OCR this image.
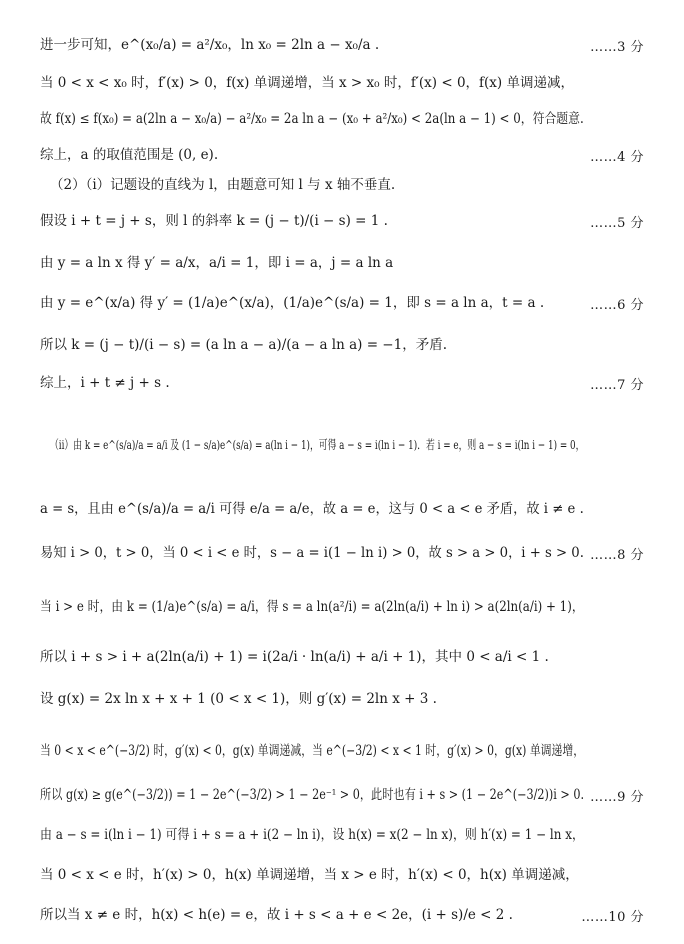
进一步可知，e^(x₀/a) = a²/x₀，ln x₀ = 2ln a − x₀/a .	……3 分
当 0 < x < x₀ 时，f′(x) > 0，f(x) 单调递增，当 x > x₀ 时，f′(x) < 0，f(x) 单调递减，
故 f(x) ≤ f(x₀) = a(2ln a − x₀/a) − a²/x₀ = 2a ln a − (x₀ + a²/x₀) < 2a(ln a − 1) < 0，符合题意.
综上，a 的取值范围是 (0, e).	……4 分
（2）（i）记题设的直线为 l，由题意可知 l 与 x 轴不垂直.
假设 i + t = j + s，则 l 的斜率 k = (j − t)/(i − s) = 1 .	……5 分
由 y = a ln x 得 y′ = a/x，a/i = 1，即 i = a，j = a ln a
由 y = e^(x/a) 得 y′ = (1/a)e^(x/a)，(1/a)e^(s/a) = 1，即 s = a ln a，t = a .	……6 分
所以 k = (j − t)/(i − s) = (a ln a − a)/(a − a ln a) = −1，矛盾.
综上，i + t ≠ j + s .	……7 分
（ii）由 k = e^(s/a)/a = a/i 及 (1 − s/a)e^(s/a) = a(ln i − 1)，可得 a − s = i(ln i − 1)．若 i = e，则 a − s = i(ln i − 1) = 0，
a = s，且由 e^(s/a)/a = a/i 可得 e/a = a/e，故 a = e，这与 0 < a < e 矛盾，故 i ≠ e .
易知 i > 0，t > 0，当 0 < i < e 时，s − a = i(1 − ln i) > 0，故 s > a > 0，i + s > 0. ……8 分
当 i > e 时，由 k = (1/a)e^(s/a) = a/i，得 s = a ln(a²/i) = a(2ln(a/i) + ln i) > a(2ln(a/i) + 1)，
所以 i + s > i + a(2ln(a/i) + 1) = i(2a/i · ln(a/i) + a/i + 1)，其中 0 < a/i < 1 .
设 g(x) = 2x ln x + x + 1 (0 < x < 1)，则 g′(x) = 2ln x + 3 .
当 0 < x < e^(−3/2) 时，g′(x) < 0，g(x) 单调递减，当 e^(−3/2) < x < 1 时，g′(x) > 0，g(x) 单调递增，
所以 g(x) ≥ g(e^(−3/2)) = 1 − 2e^(−3/2) > 1 − 2e⁻¹ > 0，此时也有 i + s > (1 − 2e^(−3/2))i > 0. ……9 分
由 a − s = i(ln i − 1) 可得 i + s = a + i(2 − ln i)，设 h(x) = x(2 − ln x)，则 h′(x) = 1 − ln x，
当 0 < x < e 时，h′(x) > 0，h(x) 单调递增，当 x > e 时，h′(x) < 0，h(x) 单调递减，
所以当 x ≠ e 时，h(x) < h(e) = e，故 i + s < a + e < 2e，(i + s)/e < 2 .	……10 分
